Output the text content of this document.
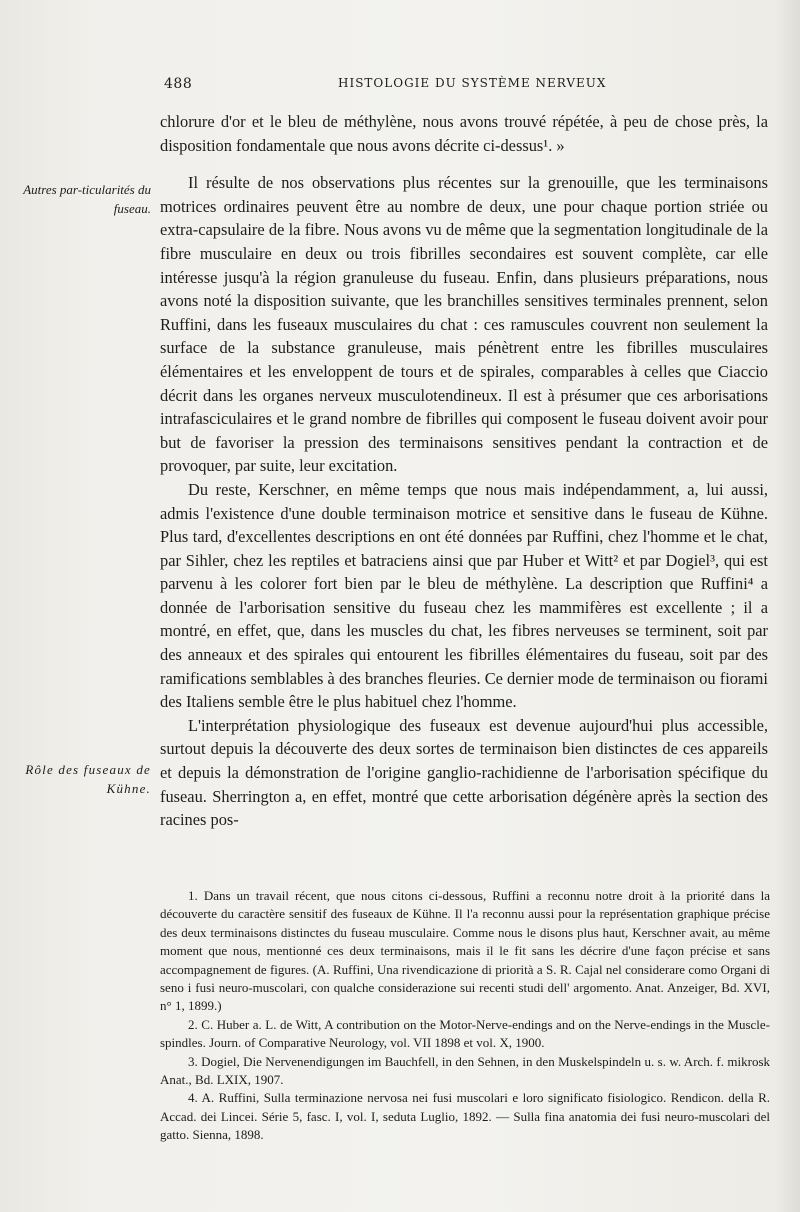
488	HISTOLOGIE DU SYSTÈME NERVEUX
Autres par-ticularités du fuseau.
Rôle des fuseaux de Kühne.

chlorure d'or et le bleu de méthylène, nous avons trouvé répétée, à peu de chose près, la disposition fondamentale que nous avons décrite ci-dessus¹. »

Il résulte de nos observations plus récentes sur la grenouille, que les terminaisons motrices ordinaires peuvent être au nombre de deux, une pour chaque portion striée ou extra-capsulaire de la fibre. Nous avons vu de même que la segmentation longitudinale de la fibre musculaire en deux ou trois fibrilles secondaires est souvent complète, car elle intéresse jusqu'à la région granuleuse du fuseau. Enfin, dans plusieurs préparations, nous avons noté la disposition suivante, que les branchilles sensitives terminales prennent, selon Ruffini, dans les fuseaux musculaires du chat : ces ramuscules couvrent non seulement la surface de la substance granuleuse, mais pénètrent entre les fibrilles musculaires élémentaires et les enveloppent de tours et de spirales, comparables à celles que Ciaccio décrit dans les organes nerveux musculotendineux. Il est à présumer que ces arborisations intrafasciculaires et le grand nombre de fibrilles qui composent le fuseau doivent avoir pour but de favoriser la pression des terminaisons sensitives pendant la contraction et de provoquer, par suite, leur excitation.

Du reste, Kerschner, en même temps que nous mais indépendamment, a, lui aussi, admis l'existence d'une double terminaison motrice et sensitive dans le fuseau de Kühne. Plus tard, d'excellentes descriptions en ont été données par Ruffini, chez l'homme et le chat, par Sihler, chez les reptiles et batraciens ainsi que par Huber et Witt² et par Dogiel³, qui est parvenu à les colorer fort bien par le bleu de méthylène. La description que Ruffini⁴ a donnée de l'arborisation sensitive du fuseau chez les mammifères est excellente ; il a montré, en effet, que, dans les muscles du chat, les fibres nerveuses se terminent, soit par des anneaux et des spirales qui entourent les fibrilles élémentaires du fuseau, soit par des ramifications semblables à des branches fleuries. Ce dernier mode de terminaison ou fiorami des Italiens semble être le plus habituel chez l'homme.

L'interprétation physiologique des fuseaux est devenue aujourd'hui plus accessible, surtout depuis la découverte des deux sortes de terminaison bien distinctes de ces appareils et depuis la démonstration de l'origine ganglio-rachidienne de l'arborisation spécifique du fuseau. Sherrington a, en effet, montré que cette arborisation dégénère après la section des racines pos-

1. Dans un travail récent, que nous citons ci-dessous, Ruffini a reconnu notre droit à la priorité dans la découverte du caractère sensitif des fuseaux de Kühne. Il l'a reconnu aussi pour la représentation graphique précise des deux terminaisons distinctes du fuseau musculaire. Comme nous le disons plus haut, Kerschner avait, au même moment que nous, mentionné ces deux terminaisons, mais il le fit sans les décrire d'une façon précise et sans accompagnement de figures. (A. Ruffini, Una rivendicazione di priorità a S. R. Cajal nel considerare como Organi di seno i fusi neuro-muscolari, con qualche considerazione sui recenti studi dell' argomento. Anat. Anzeiger, Bd. XVI, n° 1, 1899.)

2. C. Huber a. L. de Witt, A contribution on the Motor-Nerve-endings and on the Nerve-endings in the Muscle-spindles. Journ. of Comparative Neurology, vol. VII 1898 et vol. X, 1900.

3. Dogiel, Die Nervenendigungen im Bauchfell, in den Sehnen, in den Muskelspindeln u. s. w. Arch. f. mikrosk Anat., Bd. LXIX, 1907.

4. A. Ruffini, Sulla terminazione nervosa nei fusi muscolari e loro significato fisiologico. Rendicon. della R. Accad. dei Lincei. Série 5, fasc. I, vol. I, seduta Luglio, 1892. — Sulla fina anatomia dei fusi neuro-muscolari del gatto. Sienna, 1898.
